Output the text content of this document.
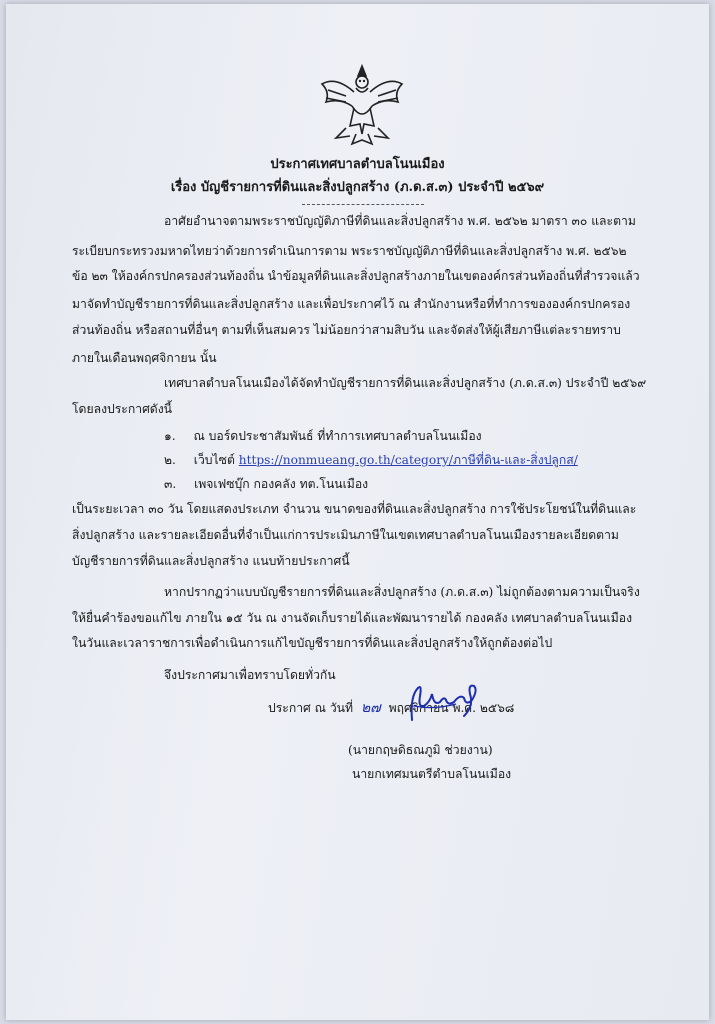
ประกาศเทศบาลตำบลโนนเมือง
เรื่อง บัญชีรายการที่ดินและสิ่งปลูกสร้าง (ภ.ด.ส.๓) ประจำปี ๒๕๖๙
อาศัยอำนาจตามพระราชบัญญัติภาษีที่ดินและสิ่งปลูกสร้าง พ.ศ. ๒๕๖๒ มาตรา ๓๐ และตาม
ระเบียบกระทรวงมหาดไทยว่าด้วยการดำเนินการตาม พระราชบัญญัติภาษีที่ดินและสิ่งปลูกสร้าง พ.ศ. ๒๕๖๒
ข้อ ๒๓ ให้องค์กรปกครองส่วนท้องถิ่น นำข้อมูลที่ดินและสิ่งปลูกสร้างภายในเขตองค์กรส่วนท้องถิ่นที่สำรวจแล้ว
มาจัดทำบัญชีรายการที่ดินและสิ่งปลูกสร้าง และเพื่อประกาศไว้ ณ สำนักงานหรือที่ทำการขององค์กรปกครอง
ส่วนท้องถิ่น หรือสถานที่อื่นๆ ตามที่เห็นสมควร ไม่น้อยกว่าสามสิบวัน และจัดส่งให้ผู้เสียภาษีแต่ละรายทราบ
ภายในเดือนพฤศจิกายน นั้น
เทศบาลตำบลโนนเมืองได้จัดทำบัญชีรายการที่ดินและสิ่งปลูกสร้าง (ภ.ด.ส.๓) ประจำปี ๒๕๖๙
โดยลงประกาศดังนี้
๑. ณ บอร์ดประชาสัมพันธ์ ที่ทำการเทศบาลตำบลโนนเมือง
๒. เว็บไซต์ https://nonmueang.go.th/category/ภาษีที่ดิน-และ-สิ่งปลูกส/
๓. เพจเฟซบุ๊ก กองคลัง ทต.โนนเมือง
เป็นระยะเวลา ๓๐ วัน โดยแสดงประเภท จำนวน ขนาดของที่ดินและสิ่งปลูกสร้าง การใช้ประโยชน์ในที่ดินและ
สิ่งปลูกสร้าง และรายละเอียดอื่นที่จำเป็นแก่การประเมินภาษีในเขตเทศบาลตำบลโนนเมืองรายละเอียดตาม
บัญชีรายการที่ดินและสิ่งปลูกสร้าง แนบท้ายประกาศนี้
หากปรากฏว่าแบบบัญชีรายการที่ดินและสิ่งปลูกสร้าง (ภ.ด.ส.๓) ไม่ถูกต้องตามความเป็นจริง
ให้ยื่นคำร้องขอแก้ไข ภายใน ๑๕ วัน ณ งานจัดเก็บรายได้และพัฒนารายได้ กองคลัง เทศบาลตำบลโนนเมือง
ในวันและเวลาราชการเพื่อดำเนินการแก้ไขบัญชีรายการที่ดินและสิ่งปลูกสร้างให้ถูกต้องต่อไป
จึงประกาศมาเพื่อทราบโดยทั่วกัน
ประกาศ ณ วันที่ ๒๗ พฤศจิกายน พ.ศ. ๒๕๖๘
(นายกฤษดิธณภูมิ ช่วยงาน)
นายกเทศมนตรีตำบลโนนเมือง
